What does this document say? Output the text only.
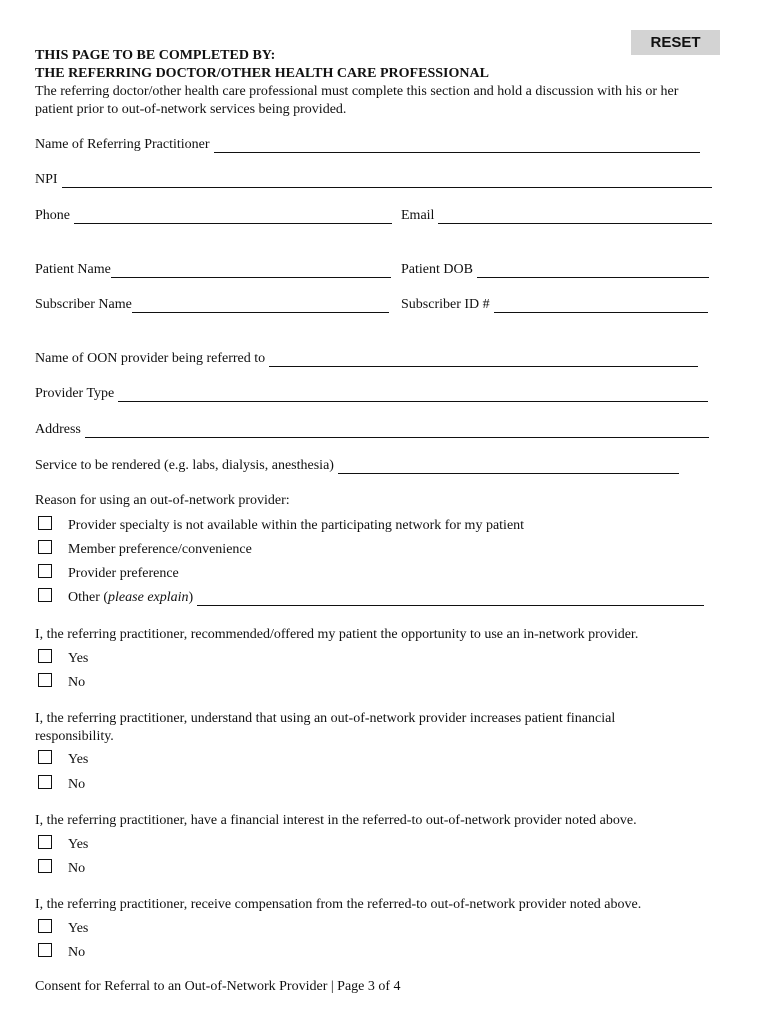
RESET
THIS PAGE TO BE COMPLETED BY:
THE REFERRING DOCTOR/OTHER HEALTH CARE PROFESSIONAL
The referring doctor/other health care professional must complete this section and hold a discussion with his or her
patient prior to out-of-network services being provided.
Name of Referring Practitioner
NPI
Phone	Email
Patient Name	Patient DOB
Subscriber Name	Subscriber ID #
Name of OON provider being referred to
Provider Type
Address
Service to be rendered (e.g. labs, dialysis, anesthesia)
Reason for using an out-of-network provider:
Provider specialty is not available within the participating network for my patient
Member preference/convenience
Provider preference
Other (please explain)
I, the referring practitioner, recommended/offered my patient the opportunity to use an in-network provider.
Yes
No
I, the referring practitioner, understand that using an out-of-network provider increases patient financial
responsibility.
Yes
No
I, the referring practitioner, have a financial interest in the referred-to out-of-network provider noted above.
Yes
No
I, the referring practitioner, receive compensation from the referred-to out-of-network provider noted above.
Yes
No
Consent for Referral to an Out-of-Network Provider | Page 3 of 4
